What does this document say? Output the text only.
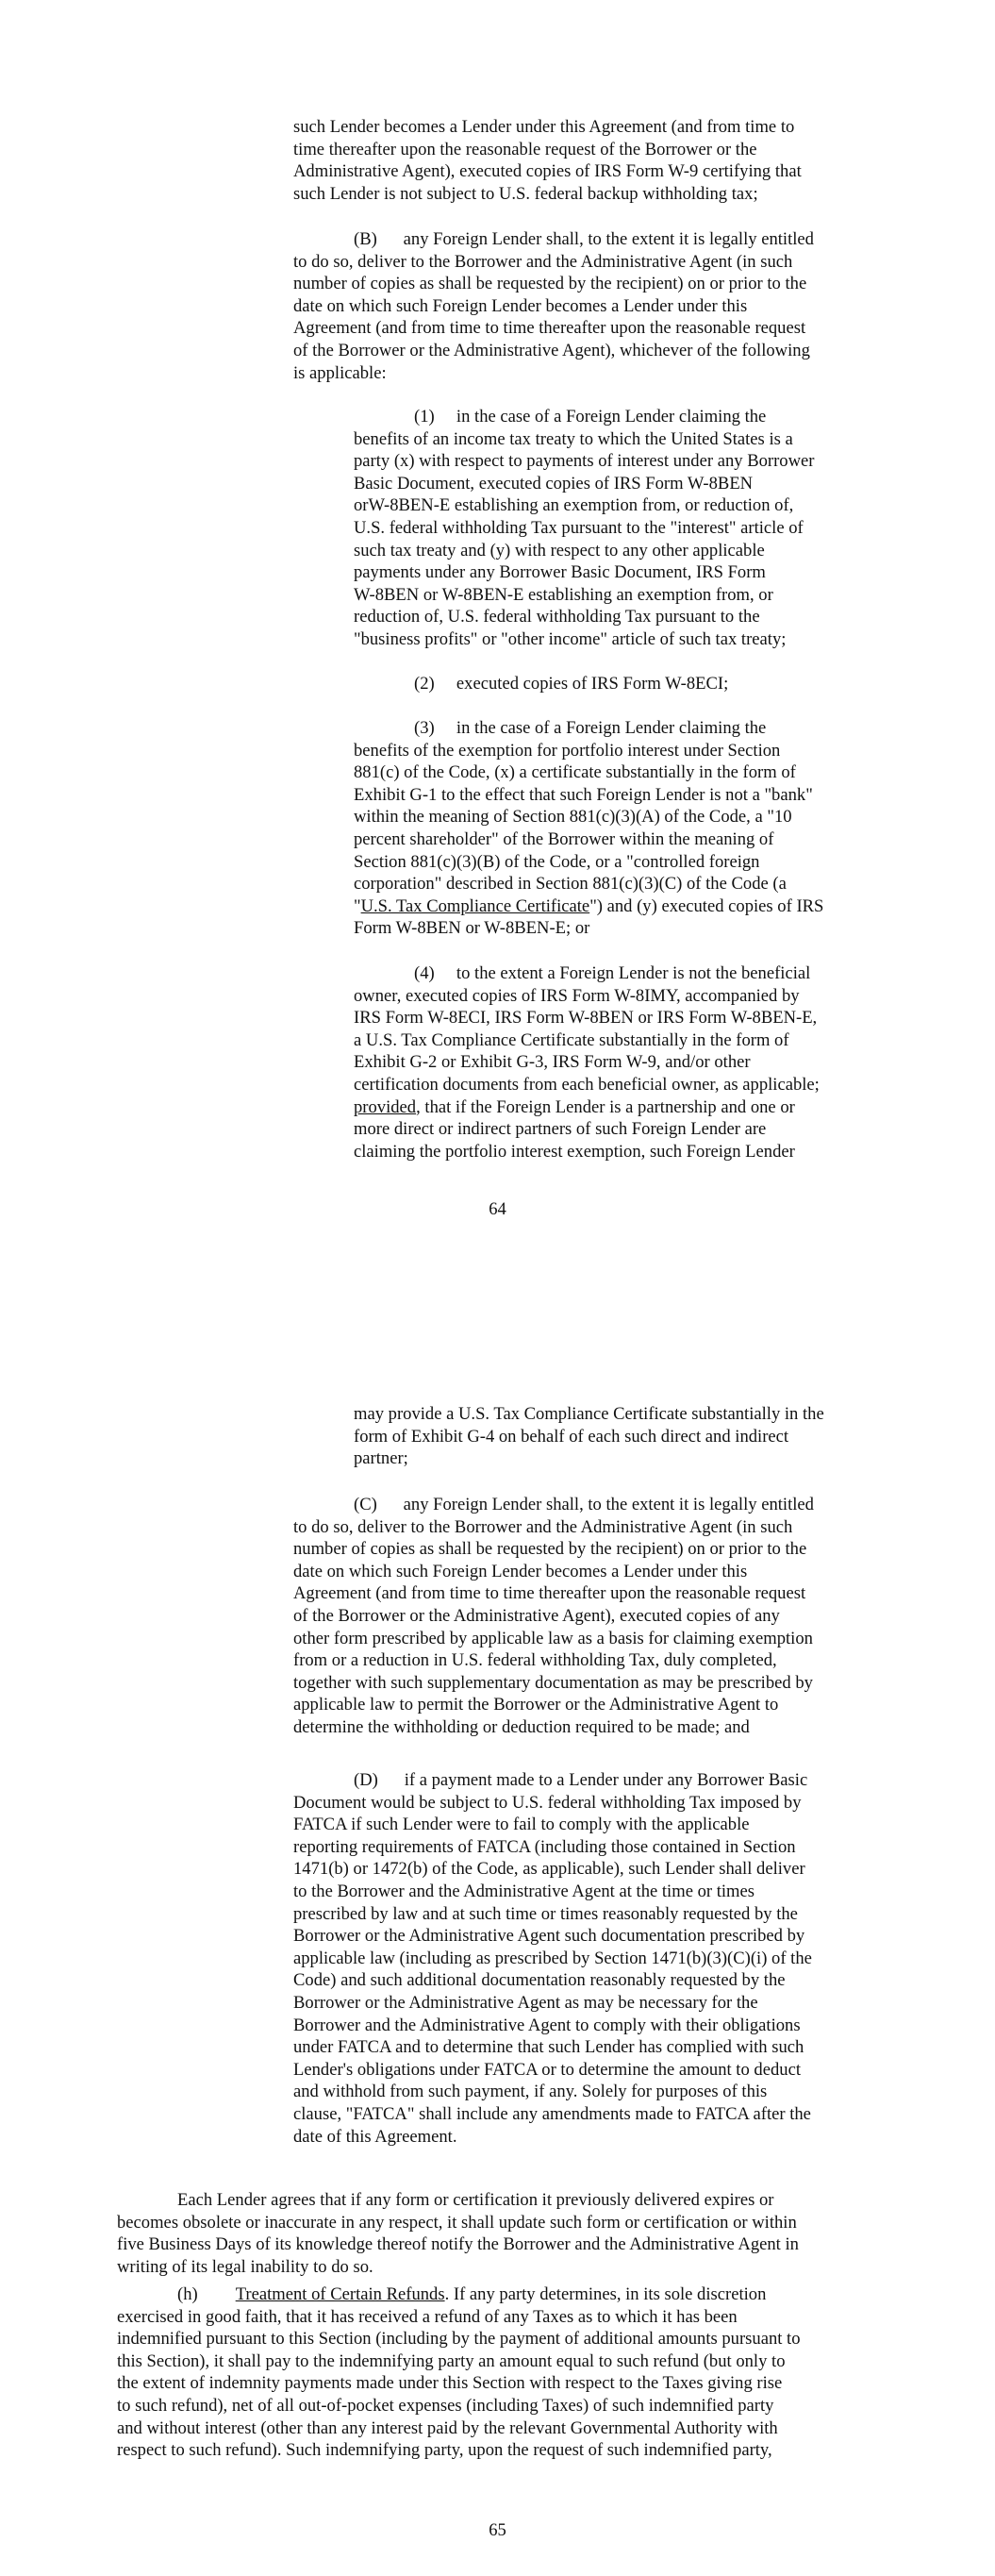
such Lender becomes a Lender under this Agreement (and from time to
time thereafter upon the reasonable request of the Borrower or the
Administrative Agent), executed copies of IRS Form W-9 certifying that
such Lender is not subject to U.S. federal backup withholding tax;

(B)      any Foreign Lender shall, to the extent it is legally entitled
to do so, deliver to the Borrower and the Administrative Agent (in such
number of copies as shall be requested by the recipient) on or prior to the
date on which such Foreign Lender becomes a Lender under this
Agreement (and from time to time thereafter upon the reasonable request
of the Borrower or the Administrative Agent), whichever of the following
is applicable:

(1)     in the case of a Foreign Lender claiming the
benefits of an income tax treaty to which the United States is a
party (x) with respect to payments of interest under any Borrower
Basic Document, executed copies of IRS Form W-8BEN
orW-8BEN-E establishing an exemption from, or reduction of,
U.S. federal withholding Tax pursuant to the "interest" article of
such tax treaty and (y) with respect to any other applicable
payments under any Borrower Basic Document, IRS Form
W-8BEN or W-8BEN-E establishing an exemption from, or
reduction of, U.S. federal withholding Tax pursuant to the
"business profits" or "other income" article of such tax treaty;

(2)     executed copies of IRS Form W-8ECI;

(3)     in the case of a Foreign Lender claiming the
benefits of the exemption for portfolio interest under Section
881(c) of the Code, (x) a certificate substantially in the form of
Exhibit G-1 to the effect that such Foreign Lender is not a "bank"
within the meaning of Section 881(c)(3)(A) of the Code, a "10
percent shareholder" of the Borrower within the meaning of
Section 881(c)(3)(B) of the Code, or a "controlled foreign
corporation" described in Section 881(c)(3)(C) of the Code (a
"U.S. Tax Compliance Certificate") and (y) executed copies of IRS
Form W-8BEN or W-8BEN-E; or

(4)     to the extent a Foreign Lender is not the beneficial
owner, executed copies of IRS Form W-8IMY, accompanied by
IRS Form W-8ECI, IRS Form W-8BEN or IRS Form W-8BEN-E,
a U.S. Tax Compliance Certificate substantially in the form of
Exhibit G-2 or Exhibit G-3, IRS Form W-9, and/or other
certification documents from each beneficial owner, as applicable;
provided, that if the Foreign Lender is a partnership and one or
more direct or indirect partners of such Foreign Lender are
claiming the portfolio interest exemption, such Foreign Lender

64

may provide a U.S. Tax Compliance Certificate substantially in the
form of Exhibit G-4 on behalf of each such direct and indirect
partner;

(C)      any Foreign Lender shall, to the extent it is legally entitled
to do so, deliver to the Borrower and the Administrative Agent (in such
number of copies as shall be requested by the recipient) on or prior to the
date on which such Foreign Lender becomes a Lender under this
Agreement (and from time to time thereafter upon the reasonable request
of the Borrower or the Administrative Agent), executed copies of any
other form prescribed by applicable law as a basis for claiming exemption
from or a reduction in U.S. federal withholding Tax, duly completed,
together with such supplementary documentation as may be prescribed by
applicable law to permit the Borrower or the Administrative Agent to
determine the withholding or deduction required to be made; and

(D)      if a payment made to a Lender under any Borrower Basic
Document would be subject to U.S. federal withholding Tax imposed by
FATCA if such Lender were to fail to comply with the applicable
reporting requirements of FATCA (including those contained in Section
1471(b) or 1472(b) of the Code, as applicable), such Lender shall deliver
to the Borrower and the Administrative Agent at the time or times
prescribed by law and at such time or times reasonably requested by the
Borrower or the Administrative Agent such documentation prescribed by
applicable law (including as prescribed by Section 1471(b)(3)(C)(i) of the
Code) and such additional documentation reasonably requested by the
Borrower or the Administrative Agent as may be necessary for the
Borrower and the Administrative Agent to comply with their obligations
under FATCA and to determine that such Lender has complied with such
Lender's obligations under FATCA or to determine the amount to deduct
and withhold from such payment, if any. Solely for purposes of this
clause, "FATCA" shall include any amendments made to FATCA after the
date of this Agreement.

Each Lender agrees that if any form or certification it previously delivered expires or
becomes obsolete or inaccurate in any respect, it shall update such form or certification or within
five Business Days of its knowledge thereof notify the Borrower and the Administrative Agent in
writing of its legal inability to do so.

(h) Treatment of Certain Refunds. If any party determines, in its sole discretion
exercised in good faith, that it has received a refund of any Taxes as to which it has been
indemnified pursuant to this Section (including by the payment of additional amounts pursuant to
this Section), it shall pay to the indemnifying party an amount equal to such refund (but only to
the extent of indemnity payments made under this Section with respect to the Taxes giving rise
to such refund), net of all out-of-pocket expenses (including Taxes) of such indemnified party
and without interest (other than any interest paid by the relevant Governmental Authority with
respect to such refund). Such indemnifying party, upon the request of such indemnified party,

65
